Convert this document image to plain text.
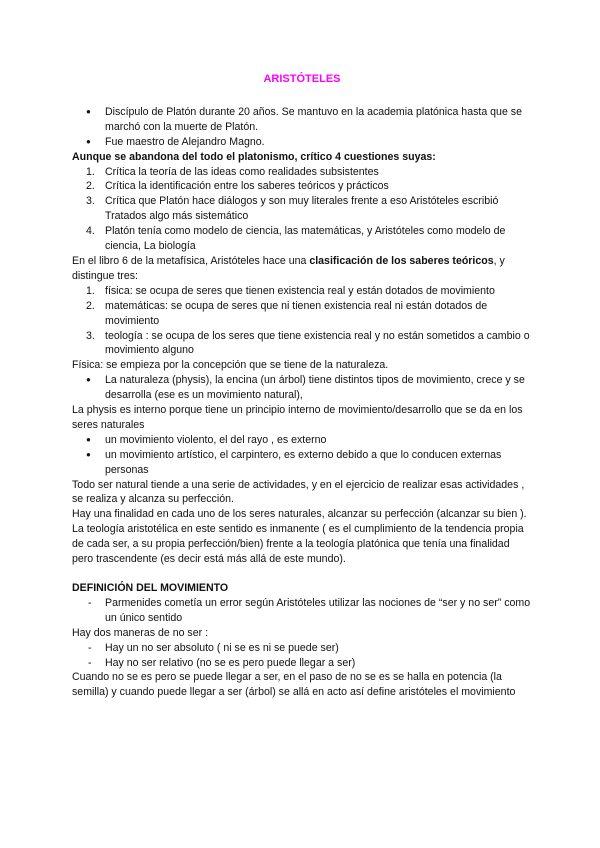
ARISTÓTELES

● Discípulo de Platón durante 20 años. Se mantuvo en la academia platónica hasta que se marchó con la muerte de Platón.
● Fue maestro de Alejandro Magno.

Aunque se abandona del todo el platonismo, crítico 4 cuestiones suyas:

1. Crítica la teoría de las ideas como realidades subsistentes
2. Crítica la identificación entre los saberes teóricos y prácticos
3. Crítica que Platón hace diálogos y son muy literales frente a eso Aristóteles escribió Tratados algo más sistemático
4. Platón tenía como modelo de ciencia, las matemáticas, y Aristóteles como modelo de ciencia, La biología

En el libro 6 de la metafísica, Aristóteles hace una clasificación de los saberes teóricos, y distingue tres:

1. física: se ocupa de seres que tienen existencia real y están dotados de movimiento
2. matemáticas: se ocupa de seres que ni tienen existencia real ni están dotados de movimiento
3. teología : se ocupa de los seres que tiene existencia real y no están sometidos a cambio o movimiento alguno

Física: se empieza por la concepción que se tiene de la naturaleza.

● La naturaleza (physis), la encina (un árbol) tiene distintos tipos de movimiento, crece y se desarrolla (ese es un movimiento natural),

La physis es interno porque tiene un principio interno de movimiento/desarrollo que se da en los seres naturales

● un movimiento violento, el del rayo , es externo
● un movimiento artístico, el carpintero, es externo debido a que lo conducen externas personas

Todo ser natural tiende a una serie de actividades, y en el ejercicio de realizar esas actividades , se realiza y alcanza su perfección.

Hay una finalidad en cada uno de los seres naturales, alcanzar su perfección (alcanzar su bien ). La teología aristotélica en este sentido es inmanente ( es el cumplimiento de la tendencia propia de cada ser, a su propia perfección/bien) frente a la teología platónica que tenía una finalidad pero trascendente (es decir está más allá de este mundo).

DEFINICIÓN DEL MOVIMIENTO

- Parmenides cometía un error según Aristóteles utilizar las nociones de “ser y no ser” como un único sentido

Hay dos maneras de no ser :

- Hay un no ser absoluto ( ni se es ni se puede ser)
- Hay no ser relativo (no se es pero puede llegar a ser)

Cuando no se es pero se puede llegar a ser, en el paso de no se es se halla en potencia (la semilla) y cuando puede llegar a ser (árbol) se allá en acto así define aristóteles el movimiento
